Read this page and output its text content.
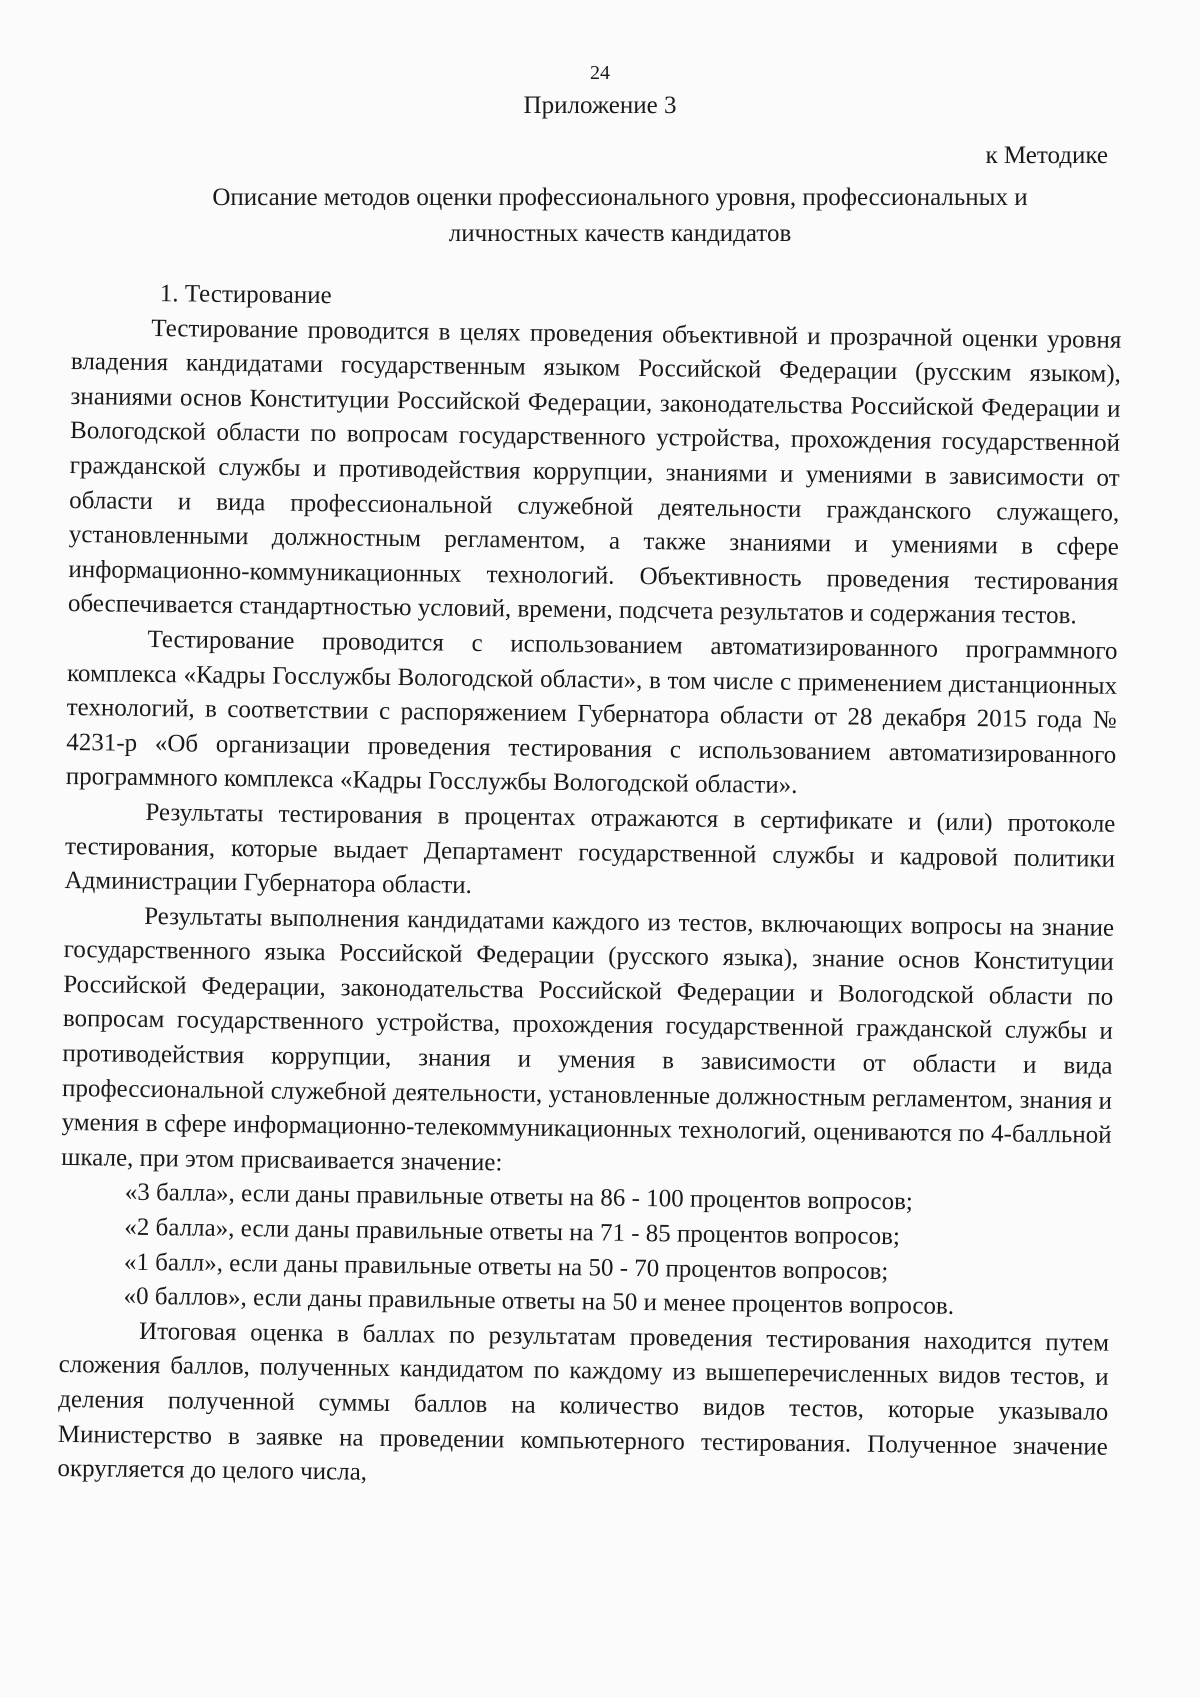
24
Приложение 3
к Методике
Описание методов оценки профессионального уровня, профессиональных и личностных качеств кандидатов

1. Тестирование

Тестирование проводится в целях проведения объективной и прозрачной оценки уровня владения кандидатами государственным языком Российской Федерации (русским языком), знаниями основ Конституции Российской Федерации, законодательства Российской Федерации и Вологодской области по вопросам государственного устройства, прохождения государственной гражданской службы и противодействия коррупции, знаниями и умениями в зависимости от области и вида профессиональной служебной деятельности гражданского служащего, установленными должностным регламентом, а также знаниями и умениями в сфере информационно-коммуникационных технологий. Объективность проведения тестирования обеспечивается стандартностью условий, времени, подсчета результатов и содержания тестов.

Тестирование проводится с использованием автоматизированного программного комплекса «Кадры Госслужбы Вологодской области», в том числе с применением дистанционных технологий, в соответствии с распоряжением Губернатора области от 28 декабря 2015 года № 4231-р «Об организации проведения тестирования с использованием автоматизированного программного комплекса «Кадры Госслужбы Вологодской области».

Результаты тестирования в процентах отражаются в сертификате и (или) протоколе тестирования, которые выдает Департамент государственной службы и кадровой политики Администрации Губернатора области.

Результаты выполнения кандидатами каждого из тестов, включающих вопросы на знание государственного языка Российской Федерации (русского языка), знание основ Конституции Российской Федерации, законодательства Российской Федерации и Вологодской области по вопросам государственного устройства, прохождения государственной гражданской службы и противодействия коррупции, знания и умения в зависимости от области и вида профессиональной служебной деятельности, установленные должностным регламентом, знания и умения в сфере информационно-телекоммуникационных технологий, оцениваются по 4-балльной шкале, при этом присваивается значение:

«3 балла», если даны правильные ответы на 86 - 100 процентов вопросов;
«2 балла», если даны правильные ответы на 71 - 85 процентов вопросов;
«1 балл», если даны правильные ответы на 50 - 70 процентов вопросов;
«0 баллов», если даны правильные ответы на 50 и менее процентов вопросов.

Итоговая оценка в баллах по результатам проведения тестирования находится путем сложения баллов, полученных кандидатом по каждому из вышеперечисленных видов тестов, и деления полученной суммы баллов на количество видов тестов, которые указывало Министерство в заявке на проведении компьютерного тестирования. Полученное значение округляется до целого числа,
